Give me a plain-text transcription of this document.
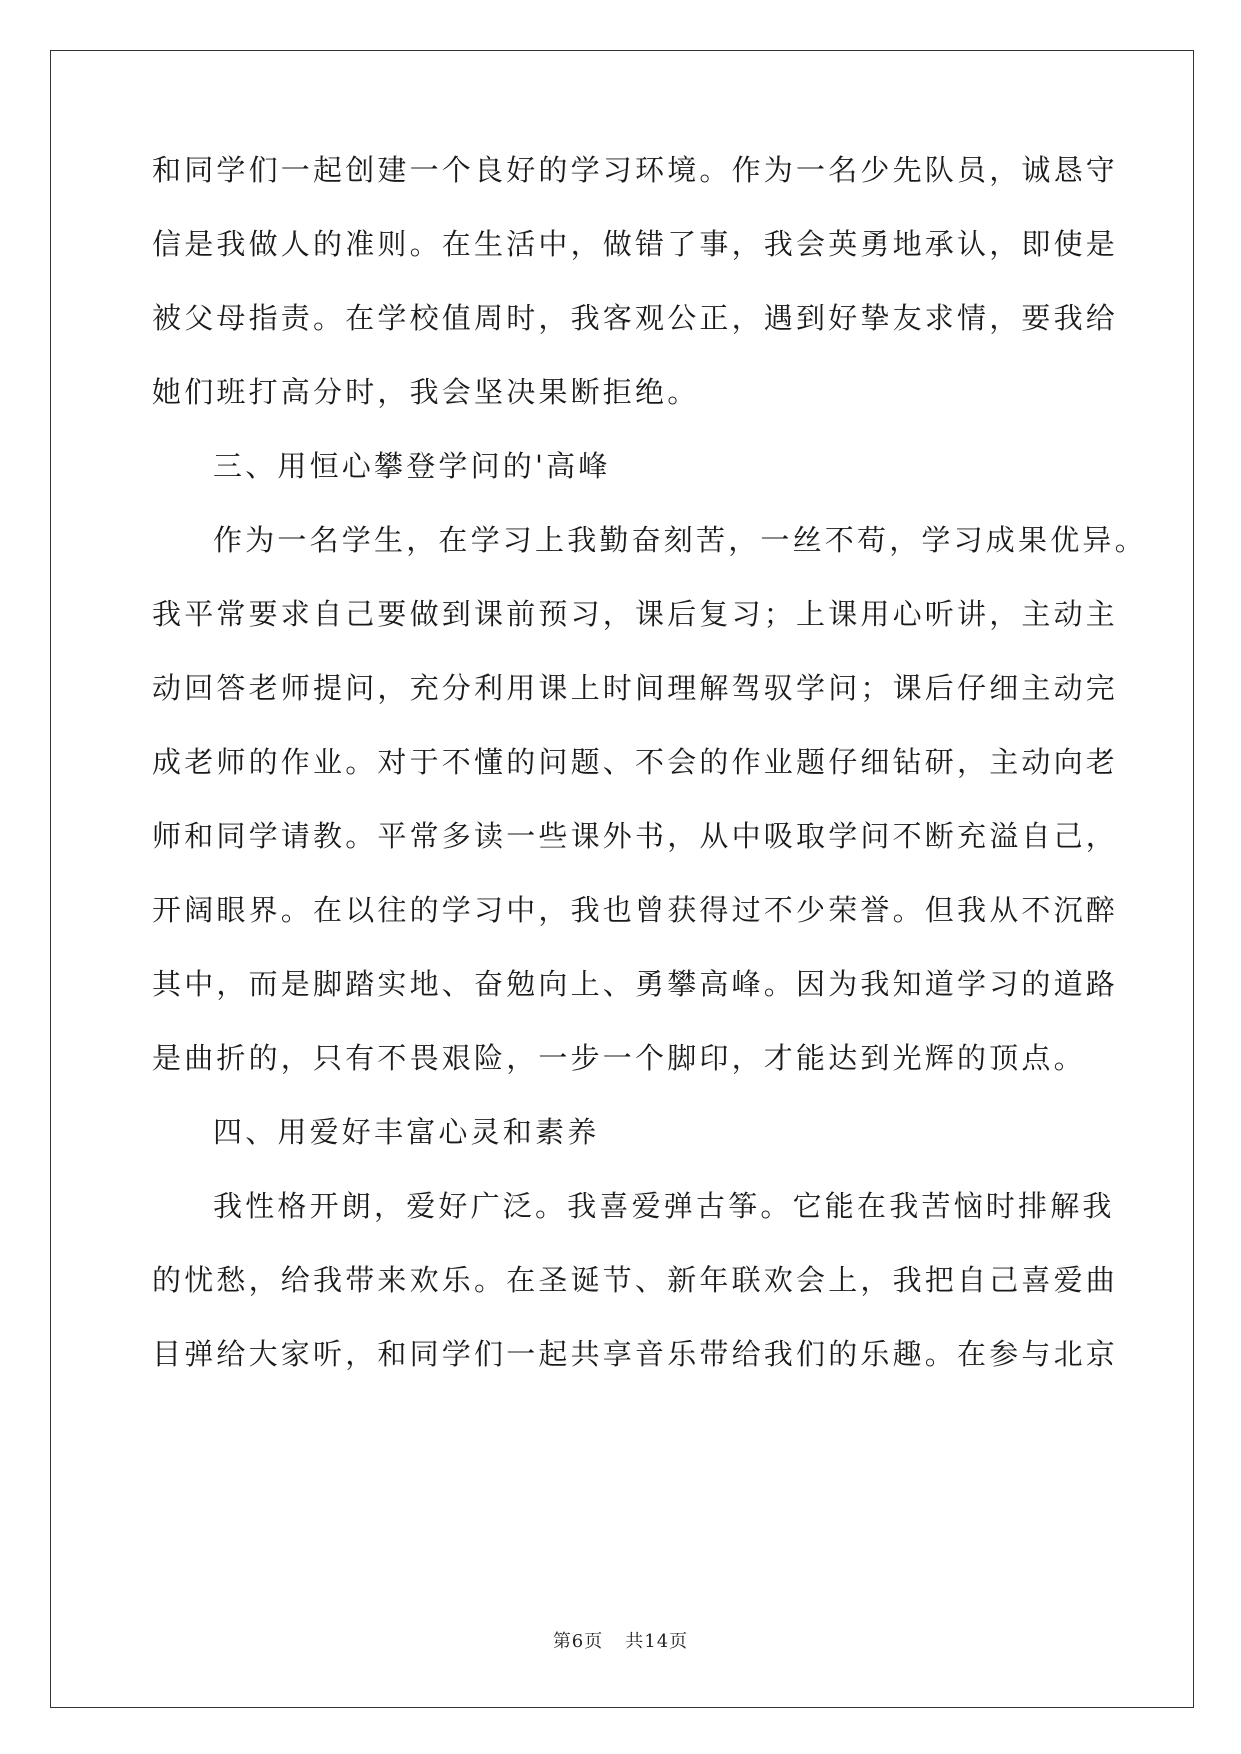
和同学们一起创建一个良好的学习环境。作为一名少先队员，诚恳守
信是我做人的准则。在生活中，做错了事，我会英勇地承认，即使是
被父母指责。在学校值周时，我客观公正，遇到好挚友求情，要我给
她们班打高分时，我会坚决果断拒绝。
三、用恒心攀登学问的'高峰
作为一名学生，在学习上我勤奋刻苦，一丝不苟，学习成果优异。
我平常要求自己要做到课前预习，课后复习；上课用心听讲，主动主
动回答老师提问，充分利用课上时间理解驾驭学问；课后仔细主动完
成老师的作业。对于不懂的问题、不会的作业题仔细钻研，主动向老
师和同学请教。平常多读一些课外书，从中吸取学问不断充溢自己，
开阔眼界。在以往的学习中，我也曾获得过不少荣誉。但我从不沉醉
其中，而是脚踏实地、奋勉向上、勇攀高峰。因为我知道学习的道路
是曲折的，只有不畏艰险，一步一个脚印，才能达到光辉的顶点。
四、用爱好丰富心灵和素养
我性格开朗，爱好广泛。我喜爱弹古筝。它能在我苦恼时排解我
的忧愁，给我带来欢乐。在圣诞节、新年联欢会上，我把自己喜爱曲
目弹给大家听，和同学们一起共享音乐带给我们的乐趣。在参与北京
第6页 共14页
